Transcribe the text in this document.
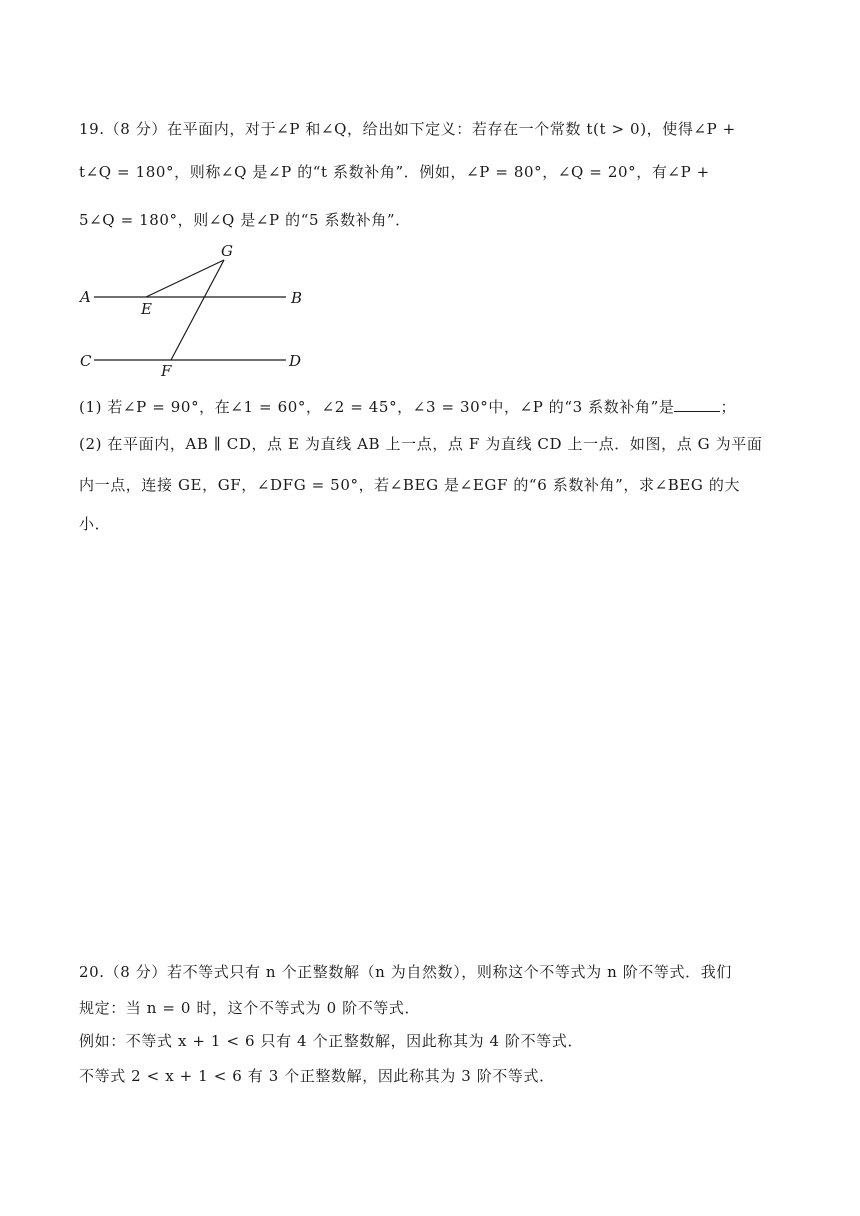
19.（8 分）在平面内，对于∠P 和∠Q，给出如下定义：若存在一个常数 t(t > 0)，使得∠P +
t∠Q = 180°，则称∠Q 是∠P 的“t 系数补角”．例如，∠P = 80°，∠Q = 20°，有∠P +
5∠Q = 180°，则∠Q 是∠P 的“5 系数补角”．
G
A	B
E
C	D
F
(1) 若∠P = 90°，在∠1 = 60°，∠2 = 45°，∠3 = 30°中，∠P 的“3 系数补角”是	；
(2) 在平面内，AB ∥ CD，点 E 为直线 AB 上一点，点 F 为直线 CD 上一点．如图，点 G 为平面
内一点，连接 GE，GF，∠DFG = 50°，若∠BEG 是∠EGF 的“6 系数补角”，求∠BEG 的大
小．
20.（8 分）若不等式只有 n 个正整数解（n 为自然数），则称这个不等式为 n 阶不等式．我们
规定：当 n = 0 时，这个不等式为 0 阶不等式．
例如：不等式 x + 1 < 6 只有 4 个正整数解，因此称其为 4 阶不等式．
不等式 2 < x + 1 < 6 有 3 个正整数解，因此称其为 3 阶不等式．
